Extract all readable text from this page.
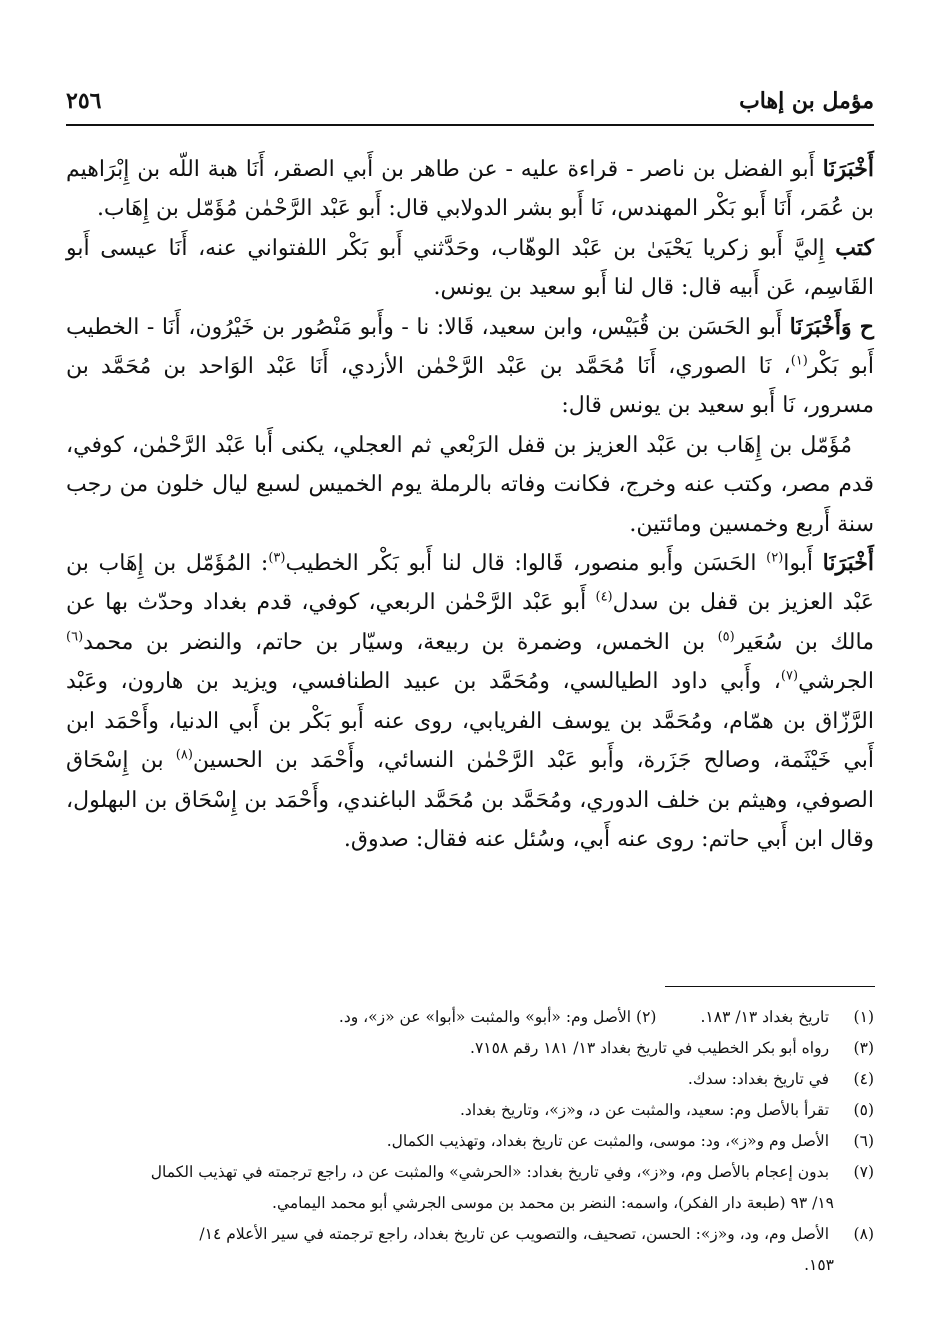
مؤمل بن إهاب
٢٥٦

أَخْبَرَنَا أَبو الفضل بن ناصر - قراءة عليه - عن طاهر بن أَبي الصقر، أَنَا هبة اللّه بن إِبْرَاهيم بن عُمَر، أَنَا أَبو بَكْر المهندس، نَا أَبو بشر الدولابي قال: أَبو عَبْد الرَّحْمٰن مُؤَمّل بن إِهَاب.

كتب إِليَّ أَبو زكريا يَحْيَىٰ بن عَبْد الوهّاب، وحَدَّثني أَبو بَكْر اللفتواني عنه، أَنَا عيسى أَبو القَاسِم، عَن أَبيه قال: قال لنا أَبو سعيد بن يونس.

ح وَأَخْبَرَنَا أَبو الحَسَن بن قُبَيْس، وابن سعيد، قَالا: نا - وأَبو مَنْصُور بن خَيْرُون، أَنَا - الخطيب أَبو بَكْر$^{(١)}$، نَا الصوري، أَنَا مُحَمَّد بن عَبْد الرَّحْمٰن الأزدي، أَنَا عَبْد الوَاحد بن مُحَمَّد بن مسرور، نَا أَبو سعيد بن يونس قال:

مُؤَمّل بن إِهَاب بن عَبْد العزيز بن قفل الرَبْعي ثم العجلي، يكنى أَبا عَبْد الرَّحْمٰن، كوفي، قدم مصر، وكتب عنه وخرج، فكانت وفاته بالرملة يوم الخميس لسبع ليال خلون من رجب سنة أَربع وخمسين ومائتين.

أَخْبَرَنَا أَبوا$^{(٢)}$ الحَسَن وأَبو منصور، قَالوا: قال لنا أَبو بَكْر الخطيب$^{(٣)}$: المُؤَمّل بن إِهَاب بن عَبْد العزيز بن قفل بن سدل$^{(٤)}$ أَبو عَبْد الرَّحْمٰن الربعي، كوفي، قدم بغداد وحدّث بها عن مالك بن سُعَير$^{(٥)}$ بن الخمس، وضمرة بن ربيعة، وسيّار بن حاتم، والنضر بن محمد$^{(٦)}$ الجرشي$^{(٧)}$، وأَبي داود الطيالسي، ومُحَمَّد بن عبيد الطنافسي، ويزيد بن هارون، وعَبْد الرَّزّاق بن همّام، ومُحَمَّد بن يوسف الفريابي، روى عنه أَبو بَكْر بن أَبي الدنيا، وأَحْمَد ابن أَبي خَيْثَمة، وصالح جَزَرة، وأَبو عَبْد الرَّحْمٰن النسائي، وأَحْمَد بن الحسين$^{(٨)}$ بن إِسْحَاق الصوفي، وهيثم بن خلف الدوري، ومُحَمَّد بن مُحَمَّد الباغندي، وأَحْمَد بن إِسْحَاق بن البهلول، وقال ابن أَبي حاتم: روى عنه أَبي، وسُئل عنه فقال: صدوق.

(١) تاريخ بغداد ١٣/ ١٨٣.(٢) الأصل وم: «أبو» والمثبت «أبوا» عن «ز»، ود.
(٣) رواه أبو بكر الخطيب في تاريخ بغداد ١٣/ ١٨١ رقم ٧١٥٨.
(٤) في تاريخ بغداد: سدك.
(٥) تقرأ بالأصل وم: سعيد، والمثبت عن د، و«ز»، وتاريخ بغداد.
(٦) الأصل وم و«ز»، ود: موسى، والمثبت عن تاريخ بغداد، وتهذيب الكمال.
(٧) بدون إعجام بالأصل وم، و«ز»، وفي تاريخ بغداد: «الحرشي» والمثبت عن د، راجع ترجمته في تهذيب الكمال
١٩/ ٩٣ (طبعة دار الفكر)، واسمه: النضر بن محمد بن موسى الجرشي أبو محمد اليمامي.
(٨) الأصل وم، ود، و«ز»: الحسن، تصحيف، والتصويب عن تاريخ بغداد، راجع ترجمته في سير الأعلام ١٤/
١٥٣.
